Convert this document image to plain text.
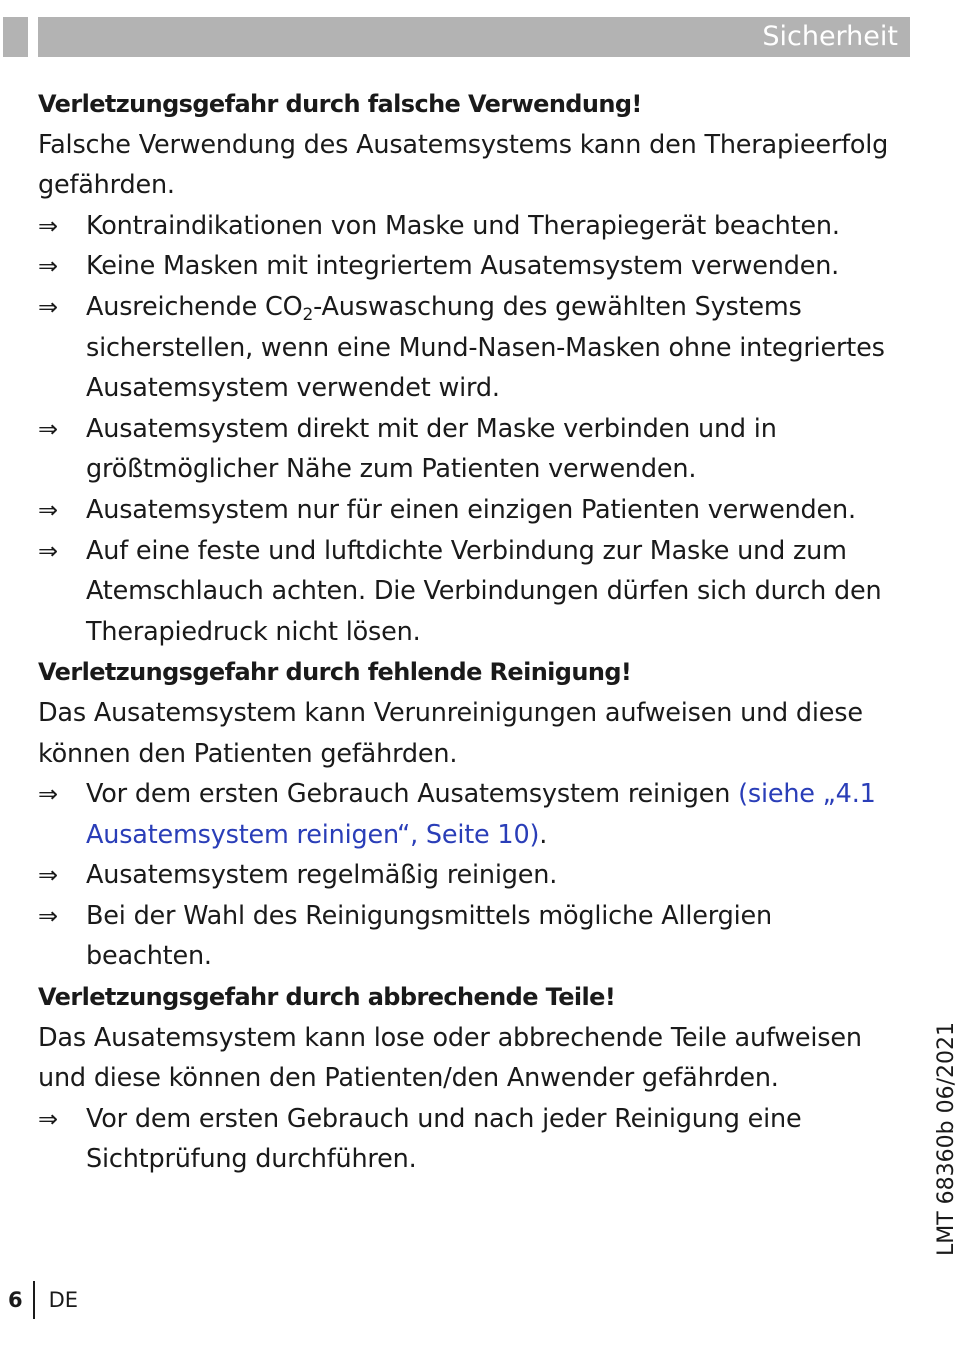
Sicherheit
Verletzungsgefahr durch falsche Verwendung!
Falsche Verwendung des Ausatemsystems kann den Therapieerfolg
gefährden.
⇒	Kontraindikationen von Maske und Therapiegerät beachten.
⇒	Keine Masken mit integriertem Ausatemsystem verwenden.
⇒	Ausreichende $CO_2$-Auswaschung des gewählten Systems
sicherstellen, wenn eine Mund-Nasen-Masken ohne integriertes
Ausatemsystem verwendet wird.
⇒	Ausatemsystem direkt mit der Maske verbinden und in
größtmöglicher Nähe zum Patienten verwenden.
⇒	Ausatemsystem nur für einen einzigen Patienten verwenden.
⇒	Auf eine feste und luftdichte Verbindung zur Maske und zum
Atemschlauch achten. Die Verbindungen dürfen sich durch den
Therapiedruck nicht lösen.
Verletzungsgefahr durch fehlende Reinigung!
Das Ausatemsystem kann Verunreinigungen aufweisen und diese
können den Patienten gefährden.
⇒	Vor dem ersten Gebrauch Ausatemsystem reinigen (siehe „4.1
Ausatemsystem reinigen“, Seite 10).
⇒	Ausatemsystem regelmäßig reinigen.
⇒	Bei der Wahl des Reinigungsmittels mögliche Allergien
beachten.
Verletzungsgefahr durch abbrechende Teile!
Das Ausatemsystem kann lose oder abbrechende Teile aufweisen
und diese können den Patienten/den Anwender gefährden.
⇒	Vor dem ersten Gebrauch und nach jeder Reinigung eine
Sichtprüfung durchführen.	LMT 68360b 06/2021
6 DE
